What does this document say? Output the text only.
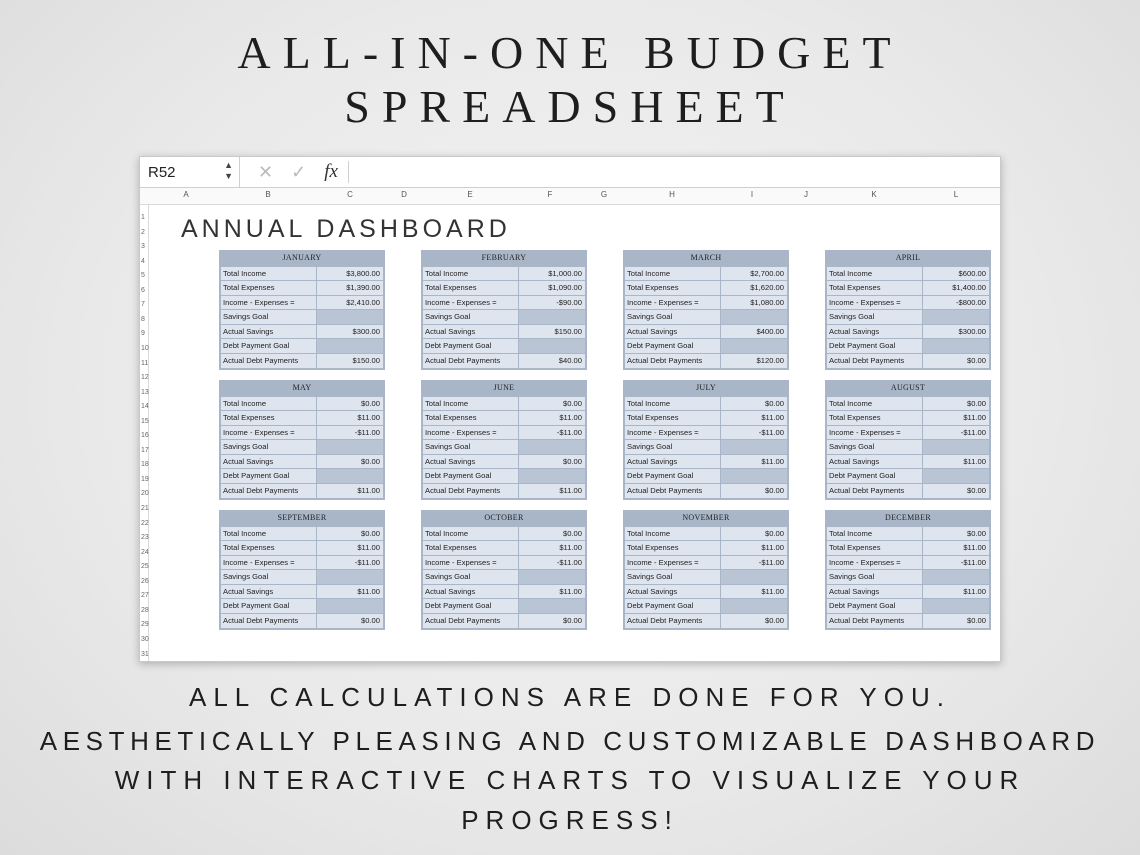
ALL-IN-ONE BUDGET
SPREADSHEET
R52	▲
▼ ✕ ✓ fx
A	B	C	D	E	F	G	H	I	J	K	L
1
2
3
4
5
6
7
8
9
10
11
12
13
14
15
16
17
18
19
20
21
22
23
24
25
26
27
28
29
30
31
ANNUAL DASHBOARD
JANUARY
Total Income	$3,800.00
Total Expenses	$1,390.00
Income - Expenses =	$2,410.00
Savings Goal
Actual Savings	$300.00
Debt Payment Goal
Actual Debt Payments	$150.00
FEBRUARY
Total Income	$1,000.00
Total Expenses	$1,090.00
Income - Expenses =	-$90.00
Savings Goal
Actual Savings	$150.00
Debt Payment Goal
Actual Debt Payments	$40.00
MARCH
Total Income	$2,700.00
Total Expenses	$1,620.00
Income - Expenses =	$1,080.00
Savings Goal
Actual Savings	$400.00
Debt Payment Goal
Actual Debt Payments	$120.00
APRIL
Total Income	$600.00
Total Expenses	$1,400.00
Income - Expenses =	-$800.00
Savings Goal
Actual Savings	$300.00
Debt Payment Goal
Actual Debt Payments	$0.00
MAY
Total Income	$0.00
Total Expenses	$11.00
Income - Expenses =	-$11.00
Savings Goal
Actual Savings	$0.00
Debt Payment Goal
Actual Debt Payments	$11.00
JUNE
Total Income	$0.00
Total Expenses	$11.00
Income - Expenses =	-$11.00
Savings Goal
Actual Savings	$0.00
Debt Payment Goal
Actual Debt Payments	$11.00
JULY
Total Income	$0.00
Total Expenses	$11.00
Income - Expenses =	-$11.00
Savings Goal
Actual Savings	$11.00
Debt Payment Goal
Actual Debt Payments	$0.00
AUGUST
Total Income	$0.00
Total Expenses	$11.00
Income - Expenses =	-$11.00
Savings Goal
Actual Savings	$11.00
Debt Payment Goal
Actual Debt Payments	$0.00
SEPTEMBER
Total Income	$0.00
Total Expenses	$11.00
Income - Expenses =	-$11.00
Savings Goal
Actual Savings	$11.00
Debt Payment Goal
Actual Debt Payments	$0.00
OCTOBER
Total Income	$0.00
Total Expenses	$11.00
Income - Expenses =	-$11.00
Savings Goal
Actual Savings	$11.00
Debt Payment Goal
Actual Debt Payments	$0.00
NOVEMBER
Total Income	$0.00
Total Expenses	$11.00
Income - Expenses =	-$11.00
Savings Goal
Actual Savings	$11.00
Debt Payment Goal
Actual Debt Payments	$0.00
DECEMBER
Total Income	$0.00
Total Expenses	$11.00
Income - Expenses =	-$11.00
Savings Goal
Actual Savings	$11.00
Debt Payment Goal
Actual Debt Payments	$0.00

ALL CALCULATIONS ARE DONE FOR YOU.

AESTHETICALLY PLEASING AND CUSTOMIZABLE DASHBOARD

WITH INTERACTIVE CHARTS TO VISUALIZE YOUR

PROGRESS!
